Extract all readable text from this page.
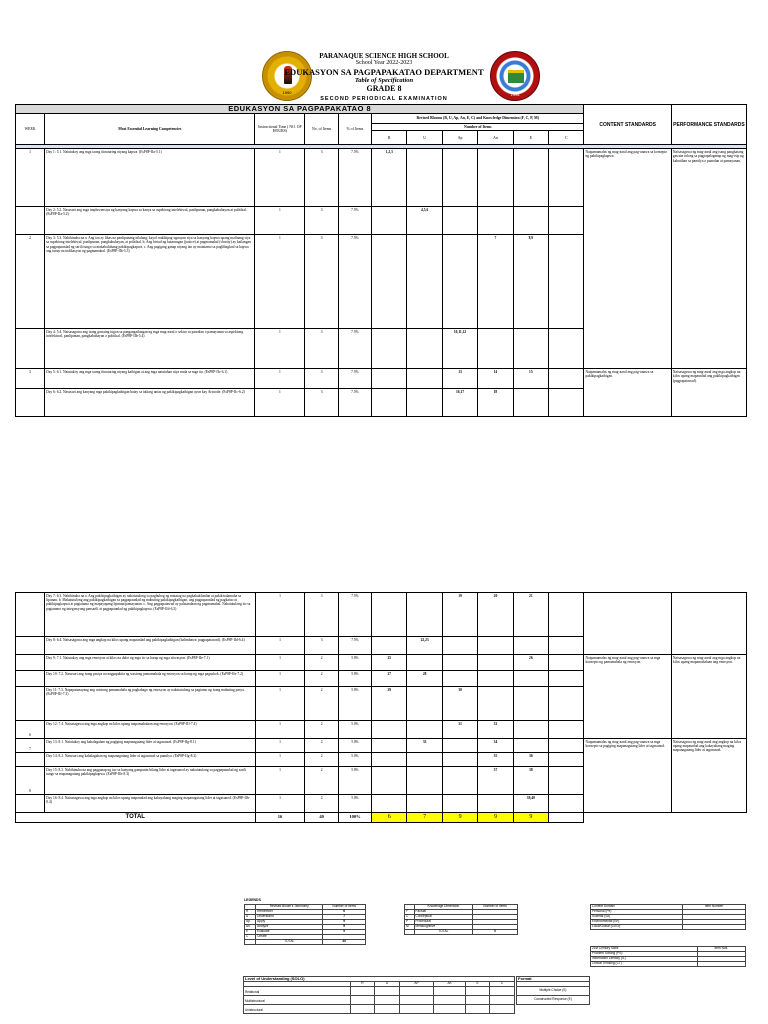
1990	1998
PARANAQUE SCIENCE HIGH SCHOOL
School Year 2022-2023
EDUKASYON SA PAGPAPAKATAO DEPARTMENT
Table of Specification
GRADE 8
SECOND PERIODICAL EXAMINATION
EDUKASYON SA PAGPAPAKATAO 8											CONTENT STANDARDS	PERFORMANCE STANDARDS
WEEK	Most Essential Learning Competencies	Instructional Time ( NO. OF HOURS)	No. of Items	% of Items	Revised Blooms (R, U, Ap, An, E, C) and Knowledge Dimension (F, C, P, M)							
					Number of Items							
					R	U	Ap	An	E	C		

1	Day 1: 5.1. Natutukoy ang mga taong itinuturing niyang kapwa. (EsP8P-IIa-5.1)	1	3	7.5%	1,2,3						Naipamamalas ng mag-aaral ang pag-unawa sa konsepto ng pakikipagkapwa.	Naisasagawa ng mag-aaral ang isang pangkatang gawain tulong sa pagpapalaganap ng mag-isip ng kabutihan sa pamilya o paaralan at pamayanan.
	Day 2: 5.2. Nasusuri ang mga impluwensiya ng kanyang kapwa sa kanya sa aspektong intelektwal, panlipunan, pangkabuhayan at politikal. (EsP8P-IIa-5.2)	1	3	7.5%		4,5,6						
2	Day 3: 5.3. Nahihinuha na a. Ang tao ay likas na panlipunang nilalang; kaya't nakikipag-ugnayan siya sa kanyang kapwa upang malinang siya sa aspektong intelektwal, panlipunan, pangkabuhayan, at politikal. b. Ang birtud ng katarungan (justice) at pagmamahal (charity) ay kailangan sa pagpapaunlad ng sarili tungo sa makabuluhang pakikipagkapwa. c. Ang pagiging ganap niyang tao ay matatamo sa paglilingkod sa kapwa ang tunay na indikasyon ng pagmamahal. (EsP8P-IIb-5.3)	1	3	7.5%				7	8,9			
	Day 4: 5.4. Naisasagawa ang isang gawaing tugon sa pangangailangan ng mga mag-aaral o sektor sa paaralan o pamayanan sa aspektong intelektwal, panlipunan, pangkabuhayan o politikal. (EsP8P-IIb-5.4)	1	3	7.5%			10,11,12					
3	Day 5: 6.1. Natutukoy ang mga taong itinuturing niyang kaibigan at ang mga natutuhan niya mula sa mga ito. (EsP8P-IIc-6.1)	1	3	7.5%			13	14	15		Naipamamalas ng mag-aaral ang pag-unawa sa pakikipagkaibigan.	Naisasagawa ng mag-aaral ang mga angkop na kilos upang mapaunlad ang pakikipagkaibigan (pagpapatawad).
	Day 6: 6.2. Nasusuri ang kanyang mga pakikipagkaibigan batay sa tatlong antas ng pakikipagkaibigan ayon kay Aristotle. (EsP8P-IIc-6.2)	1	3	7.5%			16,17	18				
	Day 7: 6.3. Nahihinuha na a. Ang pakikipagkaibigan ay nakatutulong sa paghubog ng matatag na pagkakakilanlan at pakikisalamuha sa lipunan. b. Makatutulong ang pakikipagkaibigan sa pagpapaunlad ng mabuting pakikipagkaibigan, ang pagpapaunlad ng pagkatao at pakikipagkapwa at pagtatamo ng mapayapang lipunan/pamayanan. c. Ang pagpapatawad ay palatandaan ng pagmamahal. Nakatutulong ito sa pagtatamo ng integrasyong pansarili at pagpapaunlad ng pakikipagkapwa. (EsP8P-IId-6.3)	1	3	7.5%			19	20	21			
	Day 8: 6.4. Naisasagawa ang mga angkop na kilos upang mapaunlad ang pakikipagkaibigan (halimbawa: pagpapatawad). (EsP8P-IId-6.4)	1	3	7.5%		22,23						
	Day 9: 7.1. Natutukoy ang mga emosyon at kilos na dulot ng mga ito sa harap ng mga sitwasyon. (EsP8P-IIe-7.1)	1	2	5.0%	25				26		Naipamamalas ng mag-aaral ang pag-unawa sa mga konsepto ng pamamahala ng emosyon.	Naisasagawa ng mag-aaral ang mga angkop na kilos upang mapamahalaan ang emosyon.
	Day 10: 7.2. Nasusuri ang isang pasiya na nagpapakita ng wastong pamamahala ng emosyon sa harap ng mga pagsubok. (EsP8P-IIe-7.2)	1	2	5.0%	27	28						
	Day 11: 7.3. Napapatunayang ang wastong pamamahala ng pagbabago ng emosyon ay nakatutulong sa pagtamo ng isang mabuting pasya. (EsP8P-IIf-7.3)	1	2	5.0%	29		30					
6	Day 12: 7.4. Naisasagawa ang mga angkop na kilos upang mapamahalaan ang emosyon. (EsP8P-IIf-7.4)	1	2	5.0%			31	32				
7	Day 13: 8.1. Natutukoy ang kahalagahan ng pagiging mapanagutang lider at tagasunod. (EsP8P-IIg-8.1)	1	2	5.0%		33		34			Naipamamalas ng mag-aaral ang pag-unawa sa mga konsepto sa pagiging mapanagutang lider at tagasunod.	Naisasagawa ng mag-aaral ang angkop na kilos upang mapaunlad ang kakayahang maging mapanagutang lider at tagasunod.
	Day 14: 8.2. Nasusuri ang kahalagahan ng mapanagutang lider at tagasunod sa pamilya. (EsP8P-IIg-8.2)	1	2	5.0%				35	36			
8	Day 15: 8.3. Nahihinuha na ang pagganap ng tao sa kanyang gampanin bilang lider at tagasunod ay nakatutulong sa pagpapaunlad ng sarili tungo sa mapanagutang pakikipagkapwa. (EsP8P-IIh-8.3)	1	2	5.0%				37	38			
	Day 16: 8.4. Naisasagawa ang mga angkop na kilos upang mapaunlad ang kakayahang maging mapanagutang lider at tagasunod. (EsP8P-IIh-8.4)	1	2	5.0%					39,40			
TOTAL		16	40	100%	6	7	9	9	9			
LEGENDS
	Revised Bloom's Taxonomy	Number of Items
R	Remember	6
U	Understand	7
Ap	Apply	9
An	Analyze	9
E	Evaluate	9
C	Create	
	TOTAL	40
	Knowledge Dimension	Number of Items
F	Factual	
C	Conceptual	
P	Procedural	
M	Metacognitive	
	TOTAL	0
Context Domain	Item Number
Personal (Pe)	
Societal (So)	
Environmental (En)	
Local/Global (Lo/Gl)	
21st Century Skills	Item Nos.
Problem Solving (PS)	
Information Literacy (IL)	
Critical Thinking (CT)	
Level of Understanding (SOLO)						
	R	U	AP	An	E	C
Relational						
Multistructural						
Unistructural						
Format

Multiple Choice (S)
Constructed Response (E)
